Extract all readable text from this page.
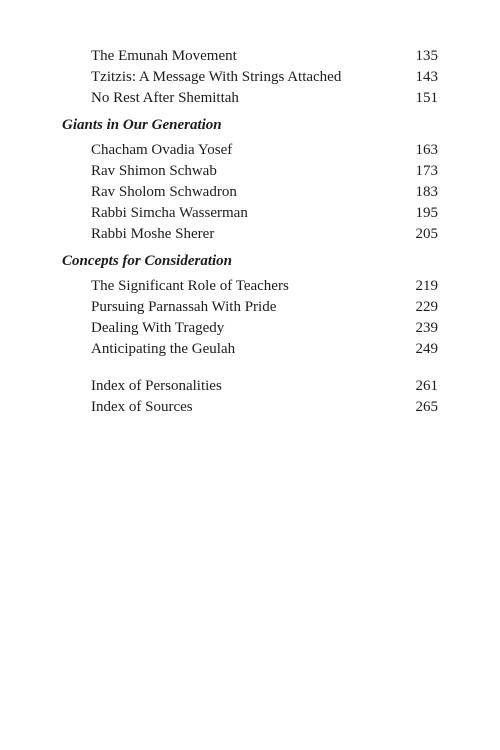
The Emunah Movement	135
Tzitzis: A Message With Strings Attached	143
No Rest After Shemittah	151
Giants in Our Generation
Chacham Ovadia Yosef	163
Rav Shimon Schwab	173
Rav Sholom Schwadron	183
Rabbi Simcha Wasserman	195
Rabbi Moshe Sherer	205
Concepts for Consideration
The Significant Role of Teachers	219
Pursuing Parnassah With Pride	229
Dealing With Tragedy	239
Anticipating the Geulah	249
Index of Personalities	261
Index of Sources	265
